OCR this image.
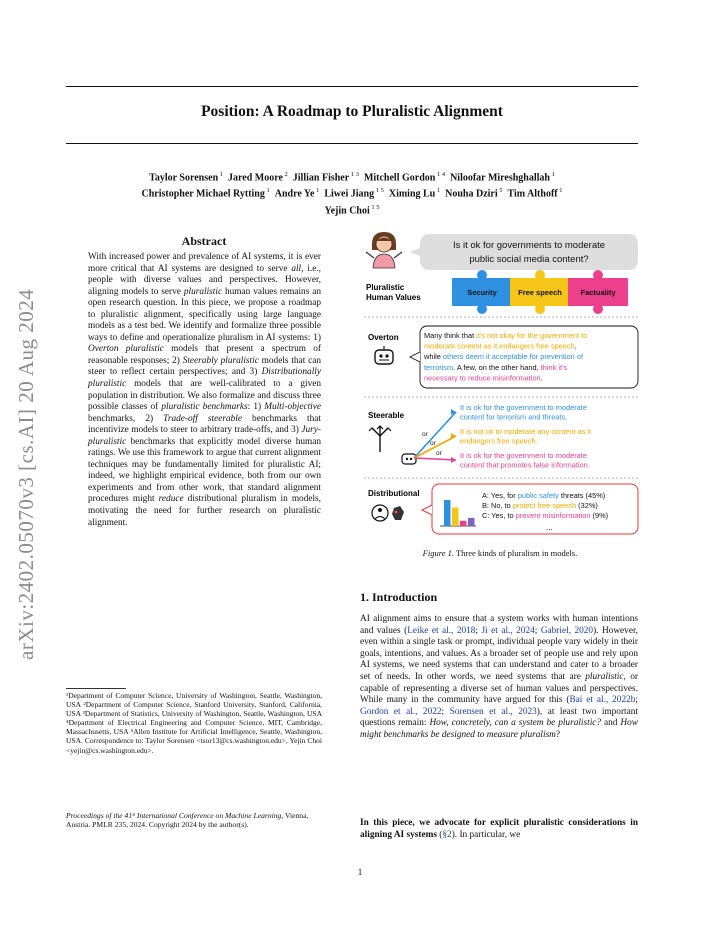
Position: A Roadmap to Pluralistic Alignment
Taylor Sorensen $^1$ Jared Moore $^2$ Jillian Fisher $^{1 3}$ Mitchell Gordon $^{1 4}$ Niloofar Mireshghallah $^1$
Christopher Michael Rytting $^1$ Andre Ye $^1$ Liwei Jiang $^{1 5}$ Ximing Lu $^1$ Nouha Dziri $^5$ Tim Althoff $^1$
Yejin Choi $^{1 5}$
arXiv:2402.05070v3 [cs.AI] 20 Aug 2024
Abstract
With increased power and prevalence of AI systems, it is ever more critical that AI systems are designed to serve all, i.e., people with diverse values and perspectives. However, aligning models to serve pluralistic human values remains an open research question. In this piece, we propose a roadmap to pluralistic alignment, specifically using large language models as a test bed. We identify and formalize three possible ways to define and operationalize pluralism in AI systems: 1) Overton pluralistic models that present a spectrum of reasonable responses; 2) Steerably pluralistic models that can steer to reflect certain perspectives; and 3) Distributionally pluralistic models that are well-calibrated to a given population in distribution. We also formalize and discuss three possible classes of pluralistic benchmarks: 1) Multi-objective benchmarks, 2) Trade-off steerable benchmarks that incentivize models to steer to arbitrary trade-offs, and 3) Jury-pluralistic benchmarks that explicitly model diverse human ratings. We use this framework to argue that current alignment techniques may be fundamentally limited for pluralistic AI; indeed, we highlight empirical evidence, both from our own experiments and from other work, that standard alignment procedures might reduce distributional pluralism in models, motivating the need for further research on pluralistic alignment.
¹Department of Computer Science, University of Washington, Seattle, Washington, USA ²Department of Computer Science, Stanford University, Stanford, California, USA ³Department of Statistics, University of Washington, Seattle, Washington, USA ⁴Department of Electrical Engineering and Computer Science, MIT, Cambridge, Massachusetts, USA ⁵Allen Institute for Artificial Intelligence, Seattle, Washington, USA. Correspondence to: Taylor Sorensen <tsor13@cs.washington.edu>, Yejin Choi <yejin@cs.washington.edu>.
Proceedings of the 41ˢᵗ International Conference on Machine Learning, Vienna, Austria. PMLR 235, 2024. Copyright 2024 by the author(s).
Is it ok for governments to moderate
public social media content?
Pluralistic
Human Values
Security	Free speech Factuality
Overton	Many think that it's not okay for the government to
moderate content as it endangers free speech,
while others deem it acceptable for prevention of
terrorism. A few, on the other hand, think it's
necessary to reduce misinformation.
Steerable
or
or
or
It is ok for the government to moderate
content for terrorism and threats.
It is not ok to moderate any content as it
endangers free speech.
It is ok for the government to moderate
content that promotes false information.
Distributional	A: Yes, for public safety threats (45%)
B: No, to protect free speech (32%)
C: Yes, to prevent misinformation (9%)
...
Figure 1. Three kinds of pluralism in models.
1. Introduction
AI alignment aims to ensure that a system works with human intentions and values (Leike et al., 2018; Ji et al., 2024; Gabriel, 2020). However, even within a single task or prompt, individual people vary widely in their goals, intentions, and values. As a broader set of people use and rely upon AI systems, we need systems that can understand and cater to a broader set of needs. In other words, we need systems that are pluralistic, or capable of representing a diverse set of human values and perspectives. While many in the community have argued for this (Bai et al., 2022b; Gordon et al., 2022; Sorensen et al., 2023), at least two important questions remain: How, concretely, can a system be pluralistic? and How might benchmarks be designed to measure pluralism?
In this piece, we advocate for explicit pluralistic considerations in aligning AI systems (§2). In particular, we
1
